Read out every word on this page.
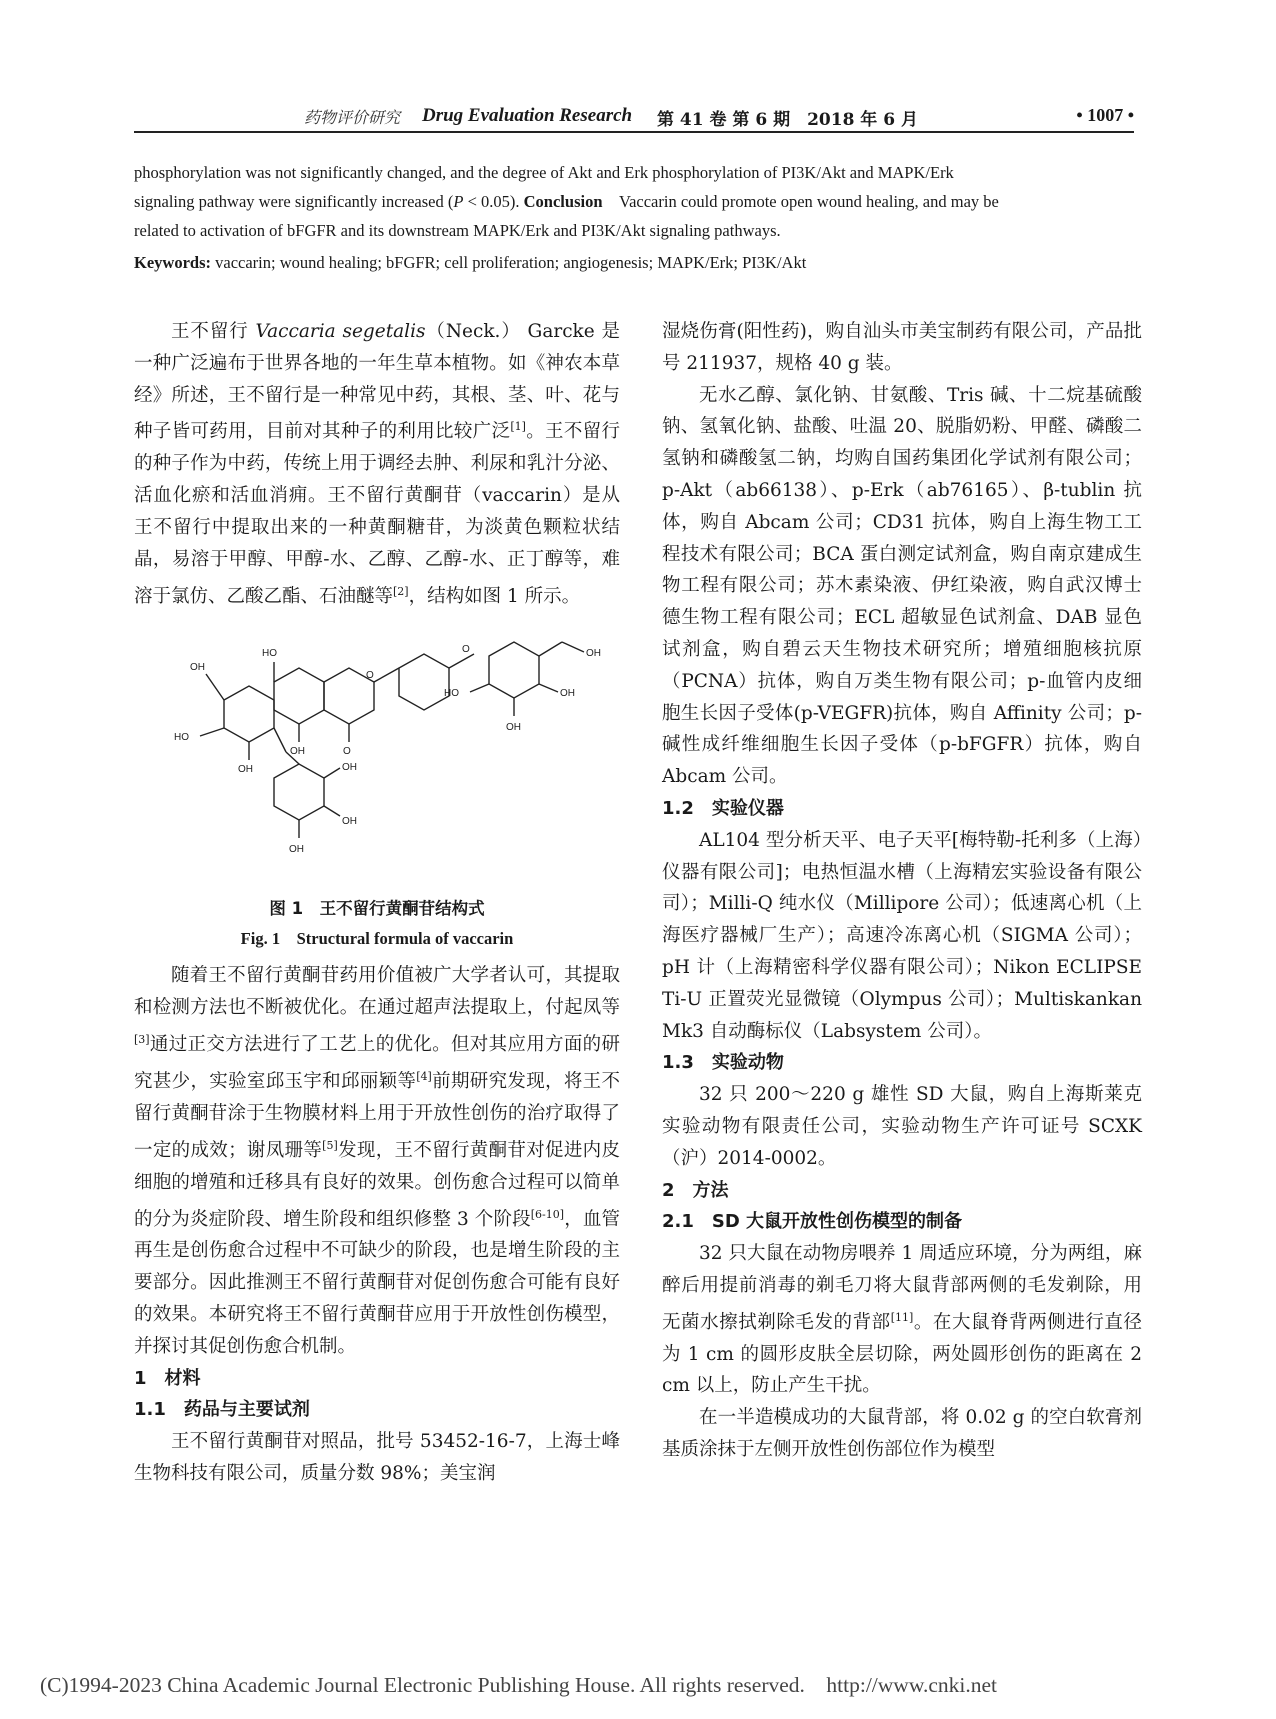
药物评价研究 Drug Evaluation Research 第 41 卷 第 6 期　2018 年 6 月	• 1007 •

phosphorylation was not significantly changed, and the degree of Akt and Erk phosphorylation of PI3K/Akt and MAPK/Erk

signaling pathway were significantly increased (P < 0.05). Conclusion　Vaccarin could promote open wound healing, and may be

related to activation of bFGFR and its downstream MAPK/Erk and PI3K/Akt signaling pathways.

Keywords: vaccarin; wound healing; bFGFR; cell proliferation; angiogenesis; MAPK/Erk; PI3K/Akt

王不留行 Vaccaria segetalis（Neck.） Garcke 是一种广泛遍布于世界各地的一年生草本植物。如《神农本草经》所述，王不留行是一种常见中药，其根、茎、叶、花与种子皆可药用，目前对其种子的利用比较广泛[1]。王不留行的种子作为中药，传统上用于调经去肿、利尿和乳汁分泌、活血化瘀和活血消痈。王不留行黄酮苷（vaccarin）是从王不留行中提取出来的一种黄酮糖苷，为淡黄色颗粒状结晶，易溶于甲醇、甲醇-水、乙醇、乙醇-水、正丁醇等，难溶于氯仿、乙酸乙酯、石油醚等[2]，结构如图 1 所示。

OH
HO
HO
OH
OH	O
OH
OH
OH
O
O	OH
HO
OH
OH
图 1　王不留行黄酮苷结构式
Fig. 1　Structural formula of vaccarin

随着王不留行黄酮苷药用价值被广大学者认可，其提取和检测方法也不断被优化。在通过超声法提取上，付起凤等[3]通过正交方法进行了工艺上的优化。但对其应用方面的研究甚少，实验室邱玉宇和邱丽颖等[4]前期研究发现，将王不留行黄酮苷涂于生物膜材料上用于开放性创伤的治疗取得了一定的成效；谢凤珊等[5]发现，王不留行黄酮苷对促进内皮细胞的增殖和迁移具有良好的效果。创伤愈合过程可以简单的分为炎症阶段、增生阶段和组织修整 3 个阶段[6-10]，血管再生是创伤愈合过程中不可缺少的阶段，也是增生阶段的主要部分。因此推测王不留行黄酮苷对促创伤愈合可能有良好的效果。本研究将王不留行黄酮苷应用于开放性创伤模型，并探讨其促创伤愈合机制。

1　材料

1.1　药品与主要试剂

王不留行黄酮苷对照品，批号 53452-16-7，上海士峰生物科技有限公司，质量分数 98%；美宝润

湿烧伤膏(阳性药)，购自汕头市美宝制药有限公司，产品批号 211937，规格 40 g 装。

无水乙醇、氯化钠、甘氨酸、Tris 碱、十二烷基硫酸钠、氢氧化钠、盐酸、吐温 20、脱脂奶粉、甲醛、磷酸二氢钠和磷酸氢二钠，均购自国药集团化学试剂有限公司；p-Akt（ab66138）、p-Erk（ab76165）、β-tublin 抗体，购自 Abcam 公司；CD31 抗体，购自上海生物工工程技术有限公司；BCA 蛋白测定试剂盒，购自南京建成生物工程有限公司；苏木素染液、伊红染液，购自武汉博士德生物工程有限公司；ECL 超敏显色试剂盒、DAB 显色试剂盒，购自碧云天生物技术研究所；增殖细胞核抗原（PCNA）抗体，购自万类生物有限公司；p-血管内皮细胞生长因子受体(p-VEGFR)抗体，购自 Affinity 公司；p-碱性成纤维细胞生长因子受体（p-bFGFR）抗体，购自 Abcam 公司。

1.2　实验仪器

AL104 型分析天平、电子天平[梅特勒-托利多（上海）仪器有限公司]；电热恒温水槽（上海精宏实验设备有限公司）；Milli-Q 纯水仪（Millipore 公司）；低速离心机（上海医疗器械厂生产）；高速冷冻离心机（SIGMA 公司）；pH 计（上海精密科学仪器有限公司）；Nikon ECLIPSE Ti-U 正置荧光显微镜（Olympus 公司）；Multiskankan Mk3 自动酶标仪（Labsystem 公司）。

1.3　实验动物

32 只 200～220 g 雄性 SD 大鼠，购自上海斯莱克实验动物有限责任公司，实验动物生产许可证号 SCXK（沪）2014-0002。

2　方法

2.1　SD 大鼠开放性创伤模型的制备

32 只大鼠在动物房喂养 1 周适应环境，分为两组，麻醉后用提前消毒的剃毛刀将大鼠背部两侧的毛发剃除，用无菌水擦拭剃除毛发的背部[11]。在大鼠脊背两侧进行直径为 1 cm 的圆形皮肤全层切除，两处圆形创伤的距离在 2 cm 以上，防止产生干扰。

在一半造模成功的大鼠背部，将 0.02 g 的空白软膏剂基质涂抹于左侧开放性创伤部位作为模型

(C)1994-2023 China Academic Journal Electronic Publishing House. All rights reserved.　http://www.cnki.net
